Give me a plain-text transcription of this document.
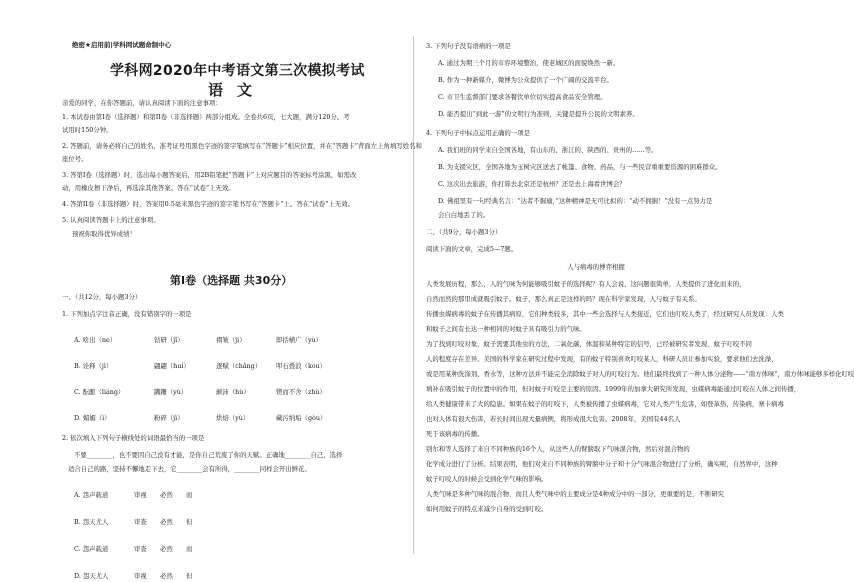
绝密★启用前|学科网试题命制中心
学科网2020年中考语文第三次模拟考试
语文

亲爱的同学，在你答题前，请认真阅读下面的注意事项：

1. 本试卷由第I卷（选择题）和第II卷（非选择题）两部分组成。全卷共6页，七大题，满分120分。考

试用时150分钟。

2. 答题前，请务必将自己的姓名、准考证号用黑色字迹的签字笔填写在“答题卡”相应位置，并在“答题卡”背面左上角填写姓名和

座位号。

3. 答第I卷（选择题）时，选出每小题答案后，用2B铅笔把“答题卡”上对应题目的答案标号涂黑，如需改

动，用橡皮擦干净后，再选涂其他答案。答在“试卷”上无效。

4. 答第II卷（非选择题）时，答案用0.5毫米黑色字迹的签字笔书写在“答题卡”上。答在“试卷”上无效。

5. 认真阅读答题卡上的注意事项。

预祝你取得优异成绩！

第Ⅰ卷（选择题 共30分）

一、（共12分，每小题3分）

1. 下列加点字注音正确，没有错别字的一项是

A. 啥出（ne）	钻研（jǐ）	褶皱（ji）	即括横广（yù）
B. 诠释（jì）	翩翩（huí）	逐赋（chǎng） 叩石叠浪（kou）
C. 酝酿（liáng）	蹒跚（yù）	颠沛（hù）	锲而不舍（zhù）
D. 媚媚（ì）	粉碎（jì）	烘焙（yù）	藏污纳垢（gòu）

2. 依次填入下列句子横线处的词语最恰当的一项是

不要________，也不要因自己没有才能，是你自己荒废了你的天赋。正确地________自己，选择

适合自己的路，坚持不懈地走下去，它________会有所得，________同样会开出鲜花。

A. 怨声载道	审视 必然 而
B. 怨天尤人	审查 必然 但
C. 怨声载道	审查 必然 而
D. 怨天尤人	审视 必然 但

3. 下列句子没有语病的一项是

A. 通过为期三个月的市容环境整治，使老城区的面貌焕然一新。

B. 作为一种新媒介，微博为公众提供了一个广阔的交流平台。

C. 市卫生监督部门要求各餐饮单位切实提高食品安全管理。

D. 能否提出“到此一游”的文明行为准则，关键是提升公民的文明素养。

4. 下列句子中标点运用正确的一项是

A. 我们班的同学来自全国各地，有山东的、浙江的、陕西的、贵州的……等。

B. 为支援灾区，全国各地为玉树灾区送去了帐篷、食物、药品，与一些民营重重要资源的困难群众。

C. 这次出去旅游，你打算去北京还是杭州？还是去上海看世博会？

D. 佛祖里有一句经典名言：“达者不掘瑜，”这种精神是无可比拟的：“动不拥掘！”没有一点努力是

会自白地丢了的。

二、（共9分，每小题3分）

阅读下面的文章，完成5—7题。

人与病毒的博弈相握

人类发展历程，那么，人的气味为何能够吸引蚊子的选择呢？有人会说，这问题很简单，人类提供了进化而来的，

自然而然的那里成就吸引蚊子。蚊子，那么真正是这样的吗？现在科学家发现，人与蚊子有关系。

传播虫媒病毒的蚊子在传播其病原，它们种类较多，其中一些会选择与人类接近，它们也叮咬人类了，经过研究人员发现：人类

和蚊子之间有长达一种相同的对蚊子具有吸引力的气味。

为了找到叮咬对象，蚊子需要其他虫的方法，二氧化碳，体温和某种特定的信号，已经被研究者发现，蚊子叮咬不同

人的程度存在差异。美国的科学家在研究过程中发现，有的蚊子特别喜欢叮咬某人，科研人员让参加实验，要求他们去洗澡、

或是用某种洗涤剂、香水等，这种方法并不能完全消除蚊子对人的叮咬行为。他们最终找到了一种人体分泌物——“南方体味”，南方体味能够多样化叮咬

填补在吸引蚊子的位置中的作用，但对蚊子叮咬是主要的原因。1999年的加拿大研究所发现，虫媒病毒能通过叮咬在人体之间传播，

给人类健康带来了大的隐患。如果在蚊子的叮咬下，人类被传播了虫媒病毒，它对人类产生危害，如登革热，传染病，寨卡病毒

也对人体有很大伤害，若长时间出现大量病例，将形成很大危害。2008年，美国有44名人

死于该病毒的传播。

别尔和等人选择了来自不同种族的16个人，从这些人的臂膀取下气味混合物，然后对混合物的

化学成分进行了分析。结果表明，他们对来自不同种族的臂膀中分子和十分气味混合物进行了分析，确实呢，自然界中，这种

蚊子叮咬人的时候会受到化学气味的影响。

人类气味是多种气味的混合物，而且人类气味中的主要成分是4种成分中的一部分，更重要的是，不断研究

如何用蚊子的特点来减少自身的受到叮咬。
